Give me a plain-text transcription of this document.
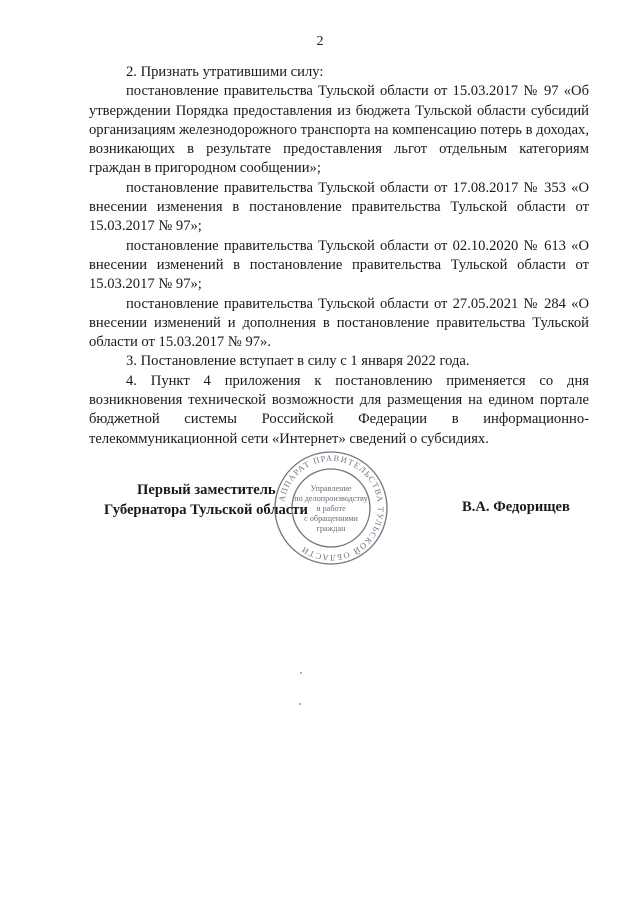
2

2. Признать утратившими силу:

постановление правительства Тульской области от 15.03.2017 № 97 «Об утверждении Порядка предоставления из бюджета Тульской области субсидий организациям железнодорожного транспорта на компенсацию потерь в доходах, возникающих в результате предоставления льгот отдельным категориям граждан в пригородном сообщении»;

постановление правительства Тульской области от 17.08.2017 № 353 «О внесении изменения в постановление правительства Тульской области от 15.03.2017 № 97»;

постановление правительства Тульской области от 02.10.2020 № 613 «О внесении изменений в постановление правительства Тульской области от 15.03.2017 № 97»;

постановление правительства Тульской области от 27.05.2021 № 284 «О внесении изменений и дополнения в постановление правительства Тульской области от 15.03.2017 № 97».

3. Постановление вступает в силу с 1 января 2022 года.

4. Пункт 4 приложения к постановлению применяется со дня возникновения технической возможности для размещения на едином портале бюджетной системы Российской Федерации в информационно-телекоммуникационной сети «Интернет» сведений о субсидиях.

Первый заместитель
Губернатора Тульской области
АППАРАТ ПРАВИТЕЛЬСТВА ТУЛЬСКОЙ ОБЛАСТИ
Управление
по делопроизводству
и работе
с обращениями
граждан
В.А. Федорищев
